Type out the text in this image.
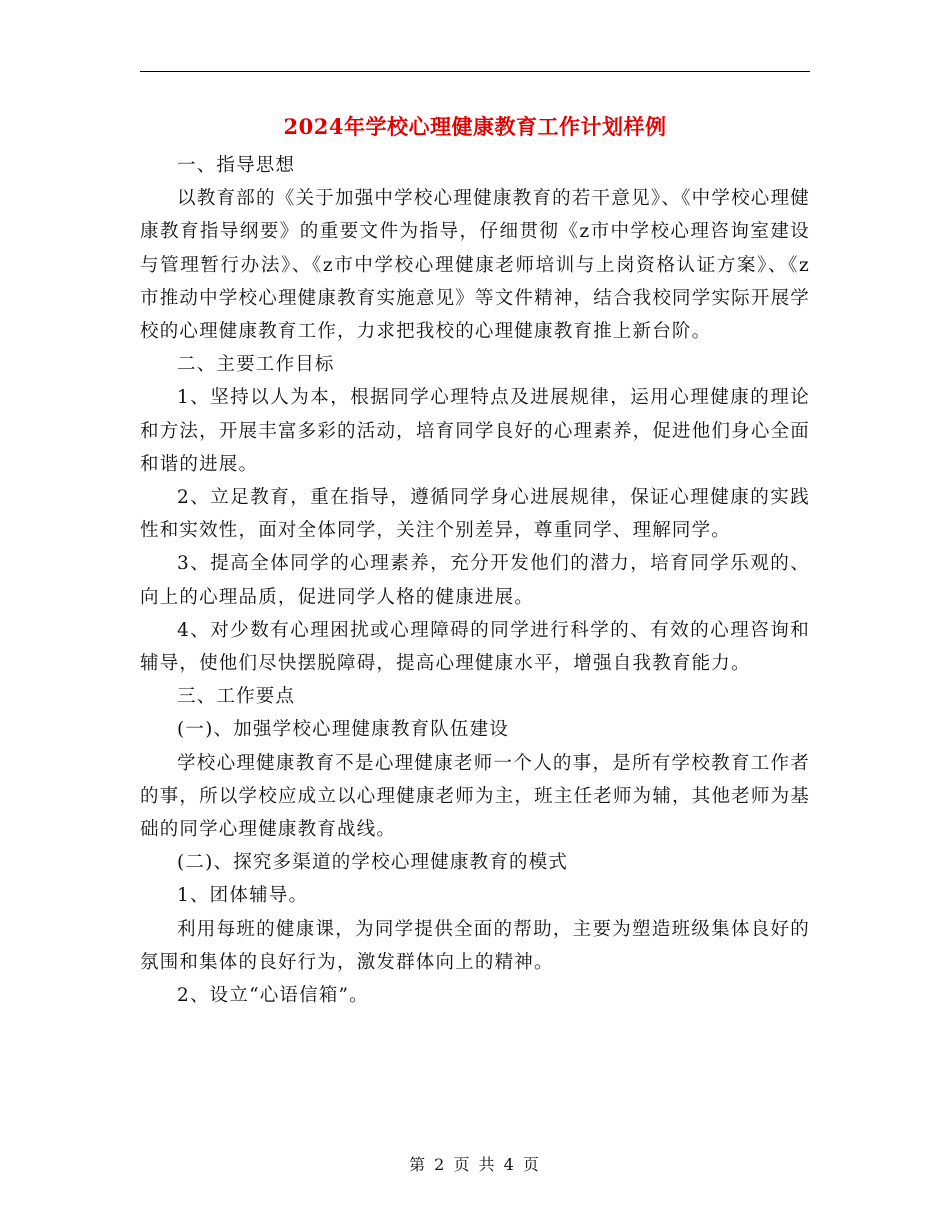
2024年学校心理健康教育工作计划样例

一、指导思想

以教育部的《关于加强中学校心理健康教育的若干意见》、《中学校心理健康教育指导纲要》的重要文件为指导，仔细贯彻《z市中学校心理咨询室建设与管理暂行办法》、《z市中学校心理健康老师培训与上岗资格认证方案》、《z市推动中学校心理健康教育实施意见》等文件精神，结合我校同学实际开展学校的心理健康教育工作，力求把我校的心理健康教育推上新台阶。

二、主要工作目标

1、坚持以人为本，根据同学心理特点及进展规律，运用心理健康的理论和方法，开展丰富多彩的活动，培育同学良好的心理素养，促进他们身心全面和谐的进展。

2、立足教育，重在指导，遵循同学身心进展规律，保证心理健康的实践性和实效性，面对全体同学，关注个别差异，尊重同学、理解同学。

3、提高全体同学的心理素养，充分开发他们的潜力，培育同学乐观的、向上的心理品质，促进同学人格的健康进展。

4、对少数有心理困扰或心理障碍的同学进行科学的、有效的心理咨询和辅导，使他们尽快摆脱障碍，提高心理健康水平，增强自我教育能力。

三、工作要点

(一)、加强学校心理健康教育队伍建设

学校心理健康教育不是心理健康老师一个人的事，是所有学校教育工作者的事，所以学校应成立以心理健康老师为主，班主任老师为辅，其他老师为基础的同学心理健康教育战线。

(二)、探究多渠道的学校心理健康教育的模式

1、团体辅导。

利用每班的健康课，为同学提供全面的帮助，主要为塑造班级集体良好的氛围和集体的良好行为，激发群体向上的精神。

2、设立“心语信箱”。

第 2 页 共 4 页
